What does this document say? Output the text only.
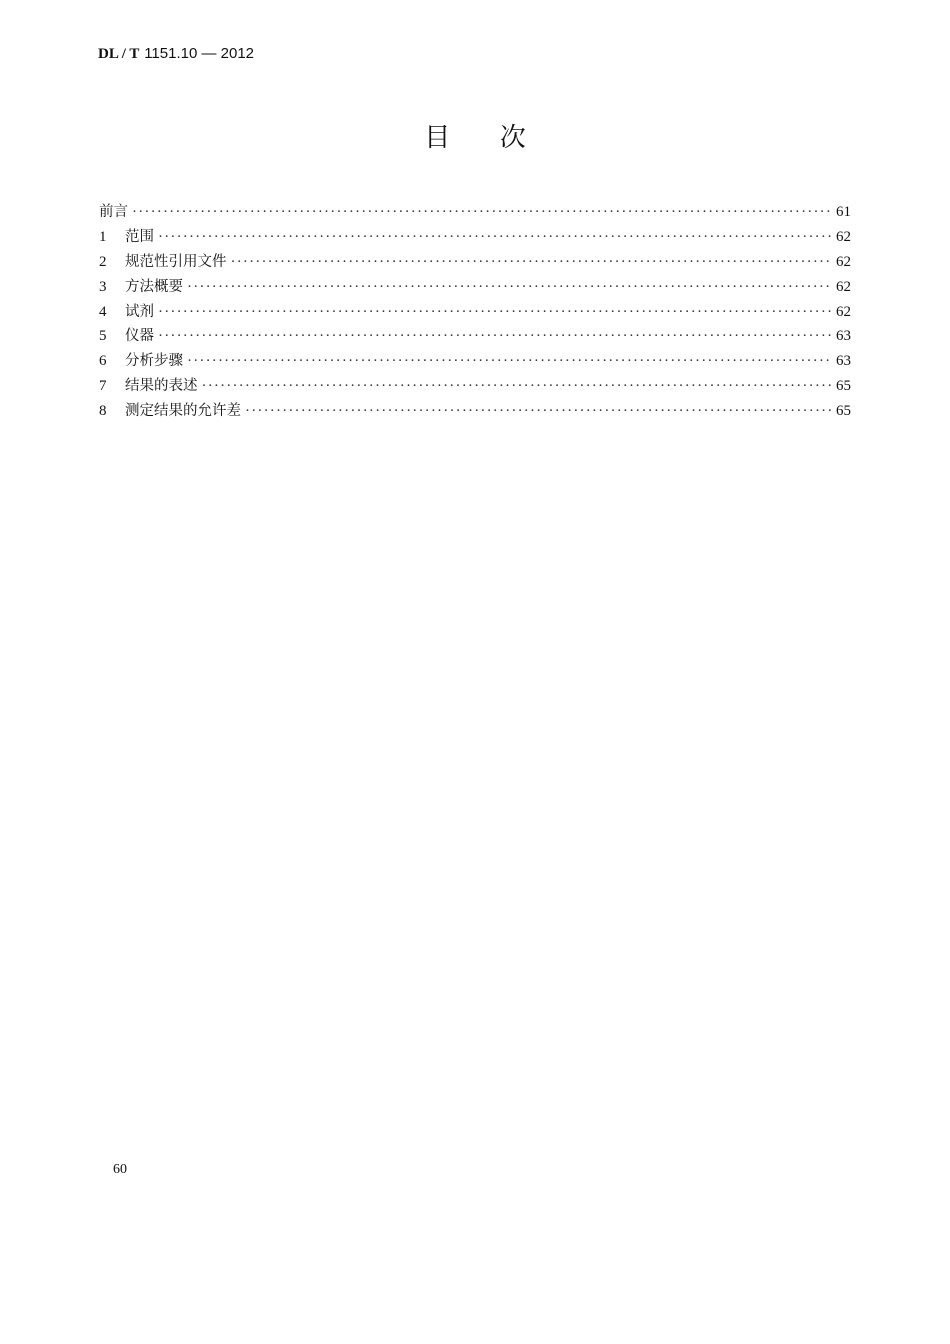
DL / T 1151.10 — 2012
目      次
前言 ·····	61
1	范围 ·····	62
2	规范性引用文件 ·····	62
3	方法概要 ·····	62
4	试剂 ·····	62
5	仪器 ·····	63
6	分析步骤 ·····	63
7	结果的表述 ·····	65
8	测定结果的允许差 ·····	65
60
